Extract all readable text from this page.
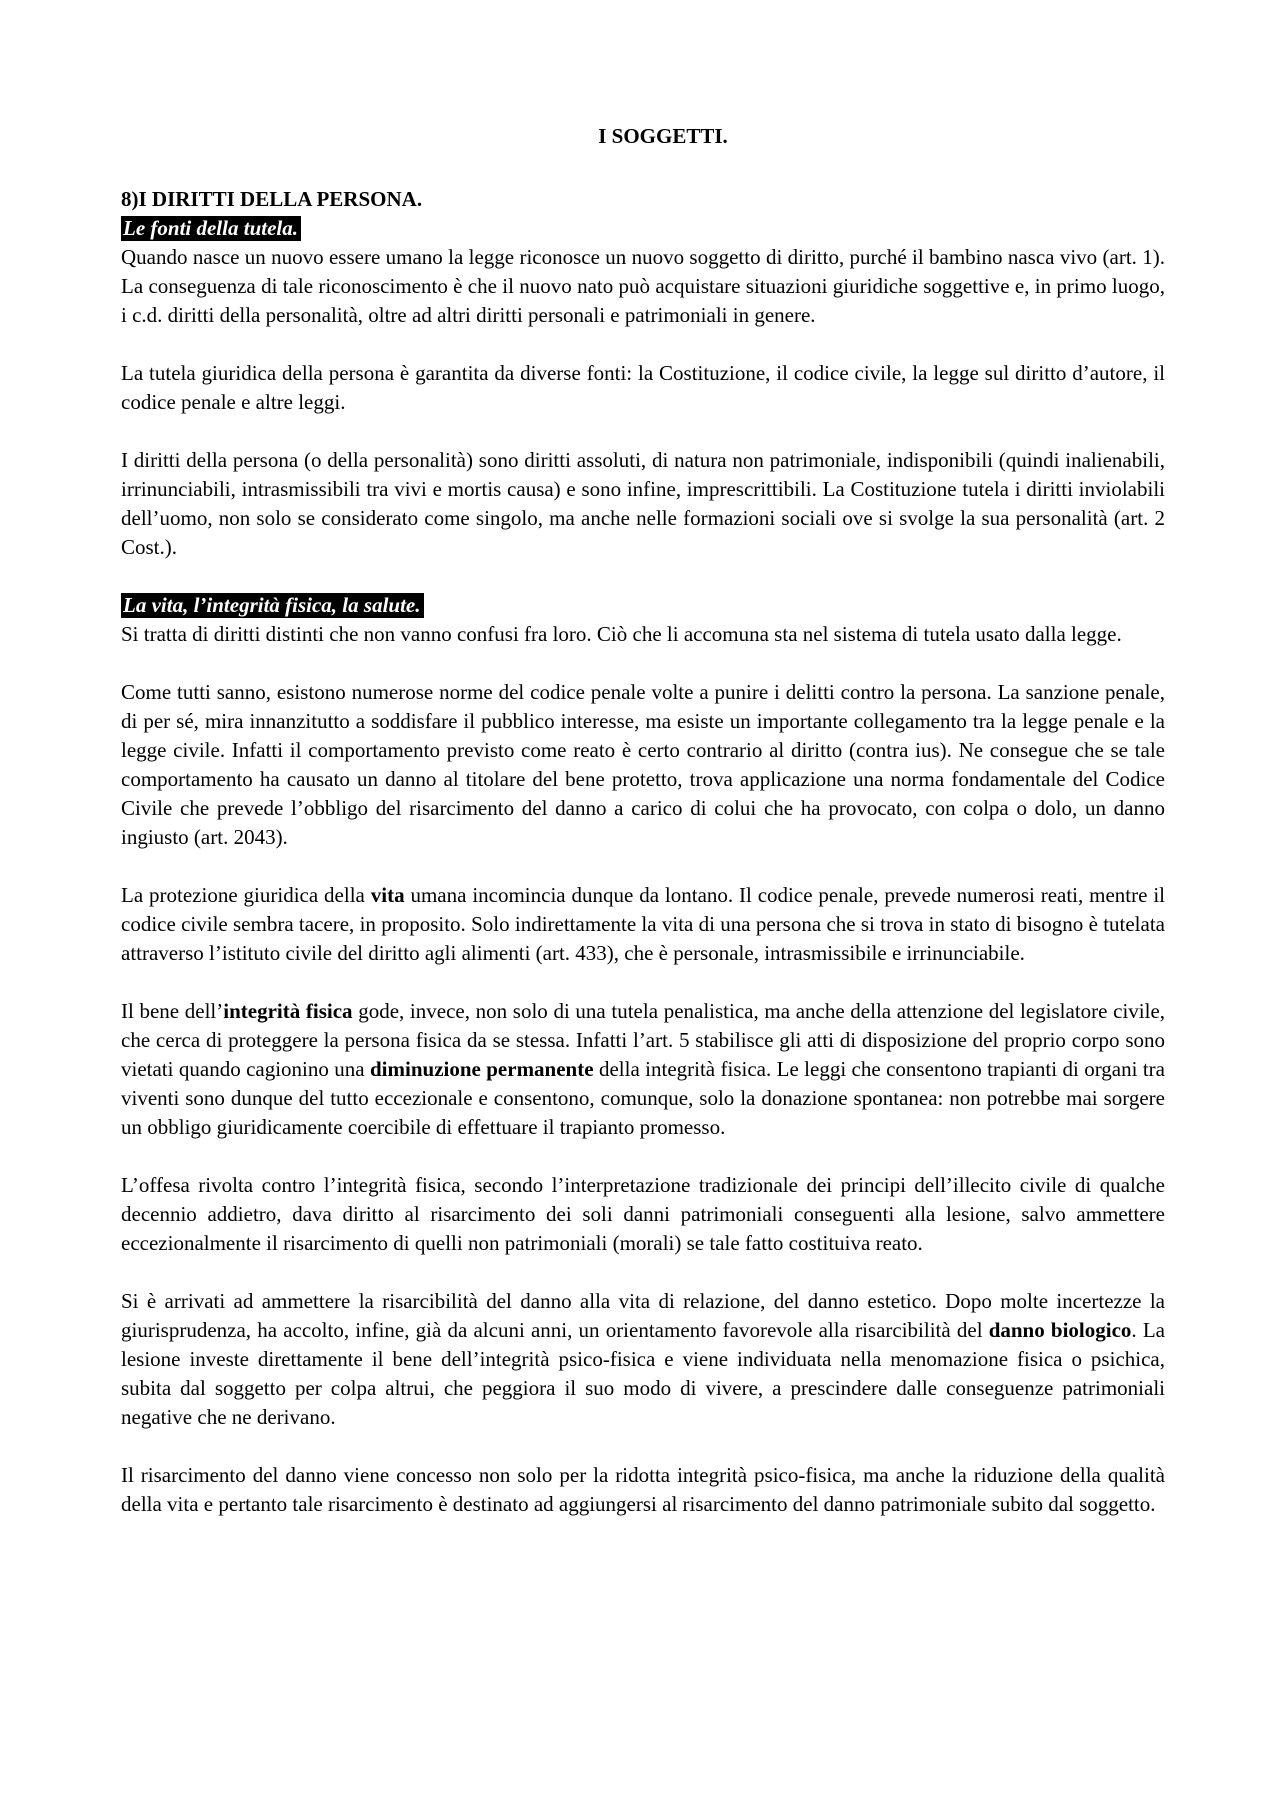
I SOGGETTI.
8)I DIRITTI DELLA PERSONA.
Le fonti della tutela.

Quando nasce un nuovo essere umano la legge riconosce un nuovo soggetto di diritto, purché il bambino nasca vivo (art. 1). La conseguenza di tale riconoscimento è che il nuovo nato può acquistare situazioni giuridiche soggettive e, in primo luogo, i c.d. diritti della personalità, oltre ad altri diritti personali e patrimoniali in genere.

La tutela giuridica della persona è garantita da diverse fonti: la Costituzione, il codice civile, la legge sul diritto d’autore, il codice penale e altre leggi.

I diritti della persona (o della personalità) sono diritti assoluti, di natura non patrimoniale, indisponibili (quindi inalienabili, irrinunciabili, intrasmissibili tra vivi e mortis causa) e sono infine, imprescrittibili. La Costituzione tutela i diritti inviolabili dell’uomo, non solo se considerato come singolo, ma anche nelle formazioni sociali ove si svolge la sua personalità (art. 2 Cost.).

La vita, l’integrità fisica, la salute.

Si tratta di diritti distinti che non vanno confusi fra loro. Ciò che li accomuna sta nel sistema di tutela usato dalla legge.

Come tutti sanno, esistono numerose norme del codice penale volte a punire i delitti contro la persona. La sanzione penale, di per sé, mira innanzitutto a soddisfare il pubblico interesse, ma esiste un importante collegamento tra la legge penale e la legge civile. Infatti il comportamento previsto come reato è certo contrario al diritto (contra ius). Ne consegue che se tale comportamento ha causato un danno al titolare del bene protetto, trova applicazione una norma fondamentale del Codice Civile che prevede l’obbligo del risarcimento del danno a carico di colui che ha provocato, con colpa o dolo, un danno ingiusto (art. 2043).

La protezione giuridica della vita umana incomincia dunque da lontano. Il codice penale, prevede numerosi reati, mentre il codice civile sembra tacere, in proposito. Solo indirettamente la vita di una persona che si trova in stato di bisogno è tutelata attraverso l’istituto civile del diritto agli alimenti (art. 433), che è personale, intrasmissibile e irrinunciabile.

Il bene dell’integrità fisica gode, invece, non solo di una tutela penalistica, ma anche della attenzione del legislatore civile, che cerca di proteggere la persona fisica da se stessa. Infatti l’art. 5 stabilisce gli atti di disposizione del proprio corpo sono vietati quando cagionino una diminuzione permanente della integrità fisica. Le leggi che consentono trapianti di organi tra viventi sono dunque del tutto eccezionale e consentono, comunque, solo la donazione spontanea: non potrebbe mai sorgere un obbligo giuridicamente coercibile di effettuare il trapianto promesso.

L’offesa rivolta contro l’integrità fisica, secondo l’interpretazione tradizionale dei principi dell’illecito civile di qualche decennio addietro, dava diritto al risarcimento dei soli danni patrimoniali conseguenti alla lesione, salvo ammettere eccezionalmente il risarcimento di quelli non patrimoniali (morali) se tale fatto costituiva reato.

Si è arrivati ad ammettere la risarcibilità del danno alla vita di relazione, del danno estetico. Dopo molte incertezze la giurisprudenza, ha accolto, infine, già da alcuni anni, un orientamento favorevole alla risarcibilità del danno biologico. La lesione investe direttamente il bene dell’integrità psico-fisica e viene individuata nella menomazione fisica o psichica, subita dal soggetto per colpa altrui, che peggiora il suo modo di vivere, a prescindere dalle conseguenze patrimoniali negative che ne derivano.

Il risarcimento del danno viene concesso non solo per la ridotta integrità psico-fisica, ma anche la riduzione della qualità della vita e pertanto tale risarcimento è destinato ad aggiungersi al risarcimento del danno patrimoniale subito dal soggetto.
